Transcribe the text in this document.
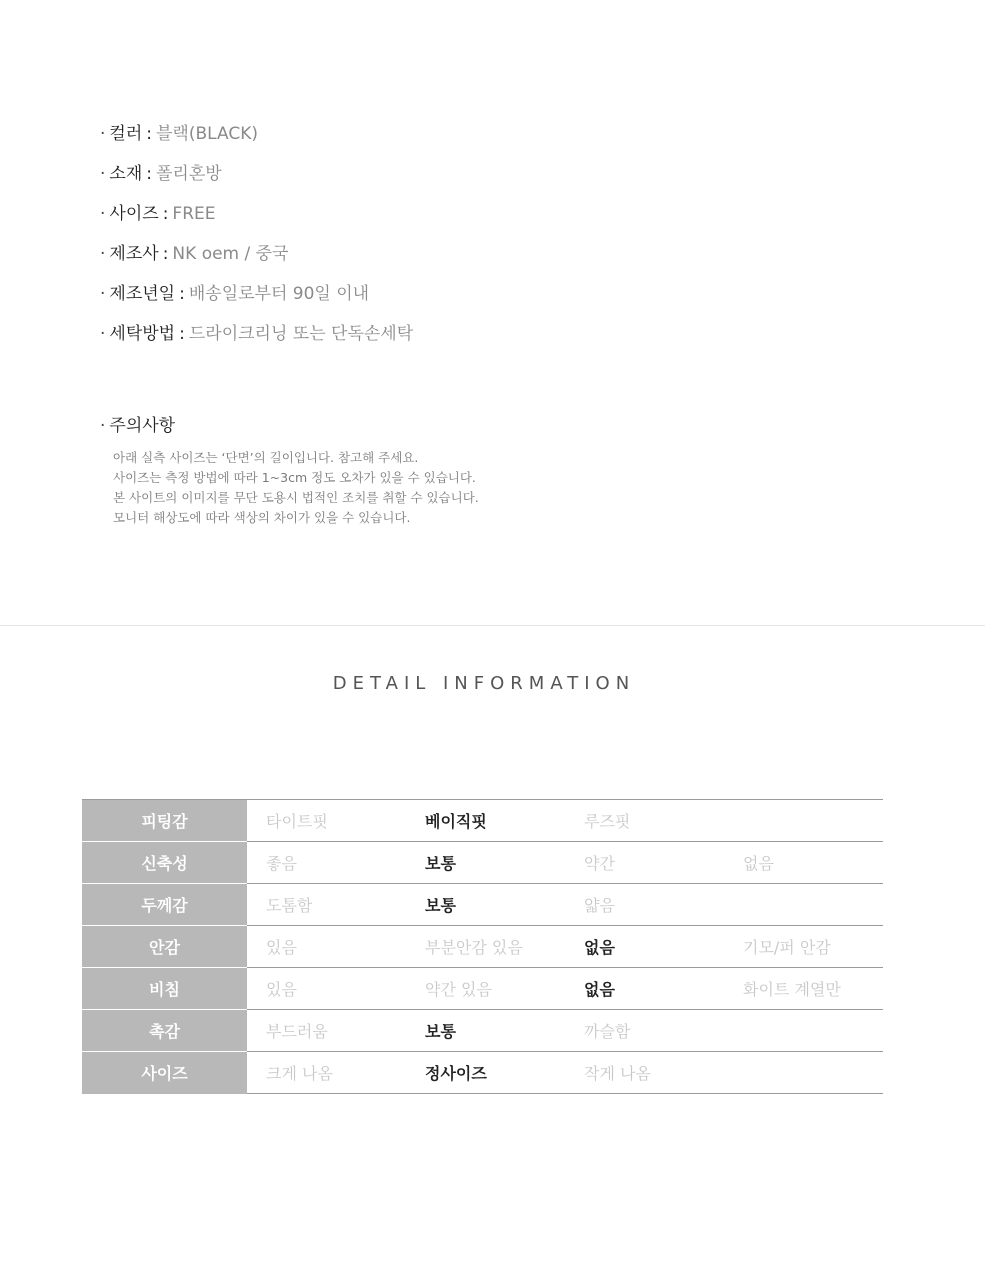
· 컬러 : 블랙(BLACK)
· 소재 : 폴리혼방
· 사이즈 : FREE
· 제조사 : NK oem / 중국
· 제조년일 : 배송일로부터 90일 이내
· 세탁방법 : 드라이크리닝 또는 단독손세탁
· 주의사항
아래 실측 사이즈는 ‘단면’의 길이입니다. 참고해 주세요.
사이즈는 측정 방법에 따라 1~3cm 정도 오차가 있을 수 있습니다.
본 사이트의 이미지를 무단 도용시 법적인 조치를 취할 수 있습니다.
모니터 해상도에 따라 색상의 차이가 있을 수 있습니다.
DETAIL INFORMATION
피팅감	타이트핏	베이직핏	루즈핏	
신축성	좋음	보통	약간	없음
두께감	도톰함	보통	얇음	
안감	있음	부분안감 있음	없음	기모/퍼 안감
비침	있음	약간 있음	없음	화이트 계열만
촉감	부드러움	보통	까슬함	
사이즈	크게 나옴	정사이즈	작게 나옴	
